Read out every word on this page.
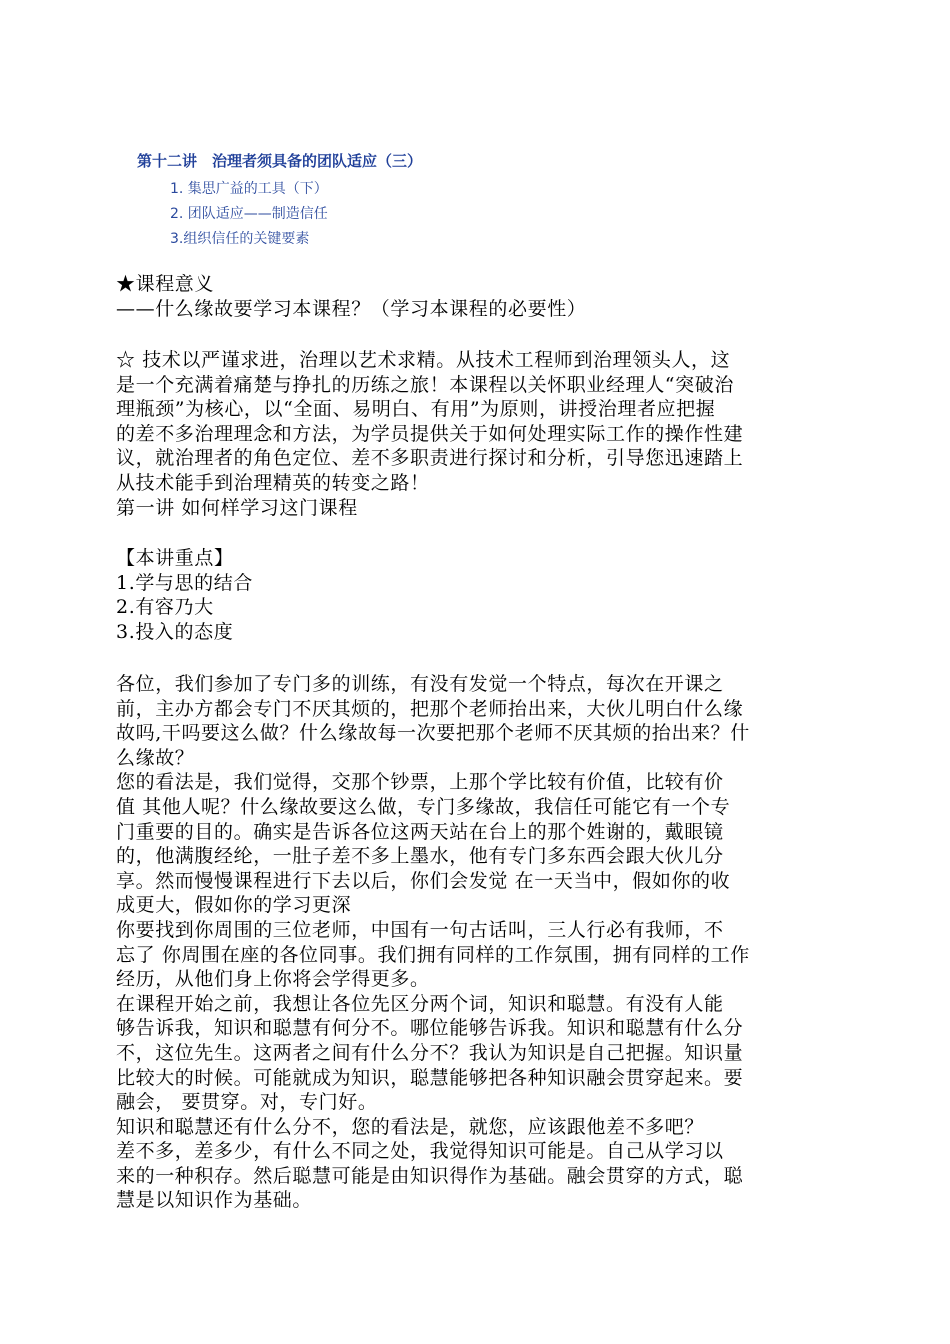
第十二讲　治理者须具备的团队适应（三）
1. 集思广益的工具（下）
2. 团队适应——制造信任
3.组织信任的关键要素
★课程意义
——什么缘故要学习本课程？（学习本课程的必要性）
☆ 技术以严谨求进，治理以艺术求精。从技术工程师到治理领头人，这
是一个充满着痛楚与挣扎的历练之旅！本课程以关怀职业经理人“突破治
理瓶颈”为核心，以“全面、易明白、有用”为原则，讲授治理者应把握
的差不多治理理念和方法，为学员提供关于如何处理实际工作的操作性建
议，就治理者的角色定位、差不多职责进行探讨和分析，引导您迅速踏上
从技术能手到治理精英的转变之路！
第一讲 如何样学习这门课程
【本讲重点】
1.学与思的结合
2.有容乃大
3.投入的态度
各位，我们参加了专门多的训练，有没有发觉一个特点，每次在开课之
前，主办方都会专门不厌其烦的，把那个老师抬出来，大伙儿明白什么缘
故吗,干吗要这么做？什么缘故每一次要把那个老师不厌其烦的抬出来？什
么缘故？
您的看法是，我们觉得，交那个钞票，上那个学比较有价值，比较有价
值 其他人呢？什么缘故要这么做，专门多缘故，我信任可能它有一个专
门重要的目的。确实是告诉各位这两天站在台上的那个姓谢的，戴眼镜
的，他满腹经纶，一肚子差不多上墨水，他有专门多东西会跟大伙儿分
享。然而慢慢课程进行下去以后，你们会发觉 在一天当中，假如你的收
成更大，假如你的学习更深
你要找到你周围的三位老师，中国有一句古话叫，三人行必有我师，不
忘了 你周围在座的各位同事。我们拥有同样的工作氛围，拥有同样的工作
经历，从他们身上你将会学得更多。
在课程开始之前，我想让各位先区分两个词，知识和聪慧。有没有人能
够告诉我，知识和聪慧有何分不。哪位能够告诉我。知识和聪慧有什么分
不，这位先生。这两者之间有什么分不？我认为知识是自己把握。知识量
比较大的时候。可能就成为知识，聪慧能够把各种知识融会贯穿起来。要
融会， 要贯穿。对，专门好。
知识和聪慧还有什么分不，您的看法是，就您，应该跟他差不多吧？
差不多，差多少，有什么不同之处，我觉得知识可能是。自己从学习以
来的一种积存。然后聪慧可能是由知识得作为基础。融会贯穿的方式，聪
慧是以知识作为基础。
